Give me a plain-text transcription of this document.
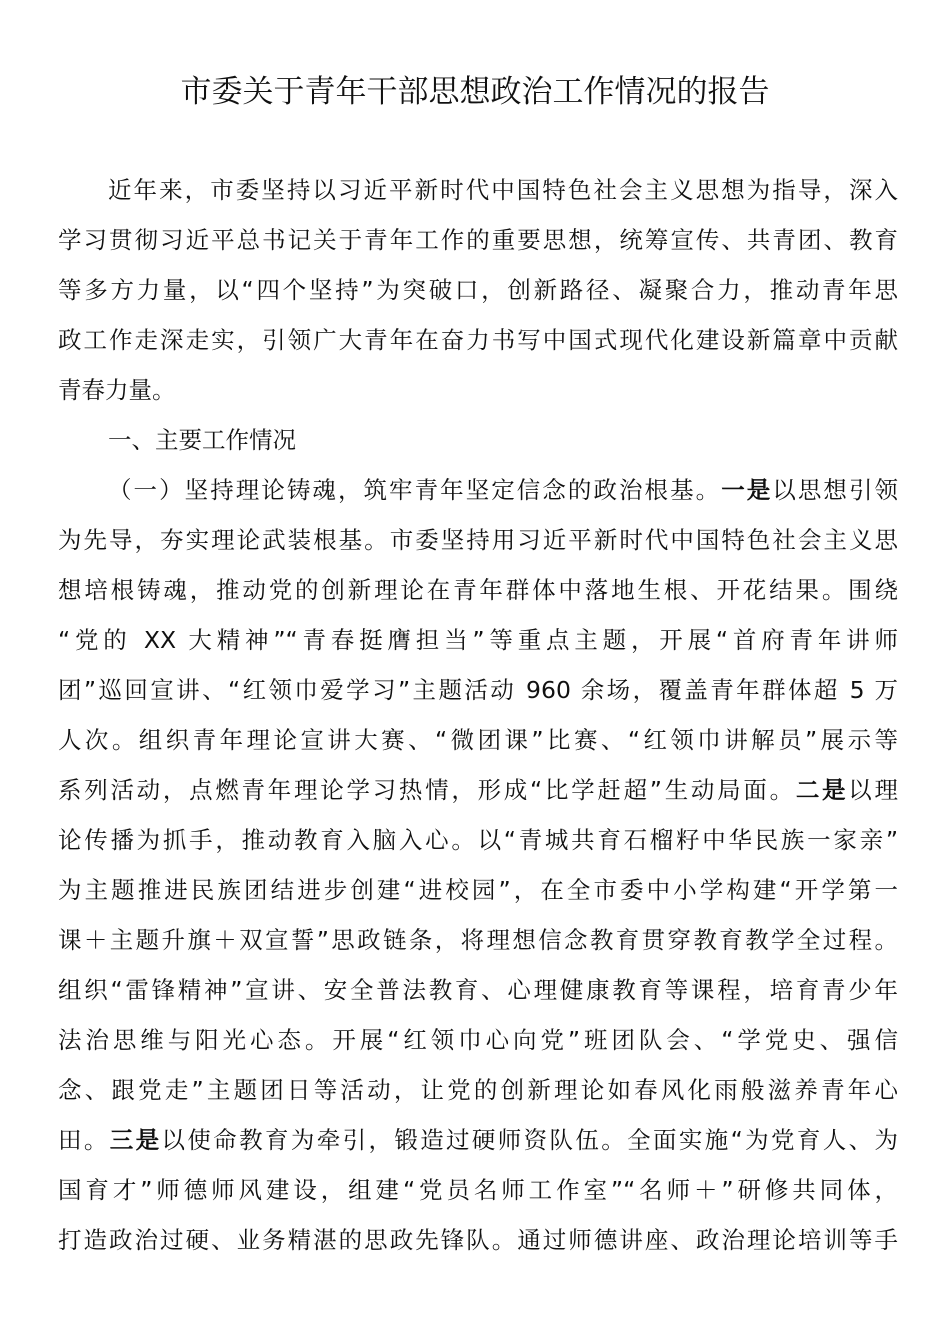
市委关于青年干部思想政治工作情况的报告
近年来，市委坚持以习近平新时代中国特色社会主义思想为指导，深入
学习贯彻习近平总书记关于青年工作的重要思想，统筹宣传、共青团、教育
等多方力量，以“四个坚持”为突破口，创新路径、凝聚合力，推动青年思
政工作走深走实，引领广大青年在奋力书写中国式现代化建设新篇章中贡献
青春力量。
一、主要工作情况
（一）坚持理论铸魂，筑牢青年坚定信念的政治根基。一是以思想引领
为先导，夯实理论武装根基。市委坚持用习近平新时代中国特色社会主义思
想培根铸魂，推动党的创新理论在青年群体中落地生根、开花结果。围绕
“党的 XX 大精神”“青春挺膺担当”等重点主题，开展“首府青年讲师
团”巡回宣讲、“红领巾爱学习”主题活动 960 余场，覆盖青年群体超 5 万
人次。组织青年理论宣讲大赛、“微团课”比赛、“红领巾讲解员”展示等
系列活动，点燃青年理论学习热情，形成“比学赶超”生动局面。二是以理
论传播为抓手，推动教育入脑入心。以“青城共育石榴籽中华民族一家亲”
为主题推进民族团结进步创建“进校园”，在全市委中小学构建“开学第一
课＋主题升旗＋双宣誓”思政链条，将理想信念教育贯穿教育教学全过程。
组织“雷锋精神”宣讲、安全普法教育、心理健康教育等课程，培育青少年
法治思维与阳光心态。开展“红领巾心向党”班团队会、“学党史、强信
念、跟党走”主题团日等活动，让党的创新理论如春风化雨般滋养青年心
田。三是以使命教育为牵引，锻造过硬师资队伍。全面实施“为党育人、为
国育才”师德师风建设，组建“党员名师工作室”“名师＋”研修共同体，
打造政治过硬、业务精湛的思政先锋队。通过师德讲座、政治理论培训等手
